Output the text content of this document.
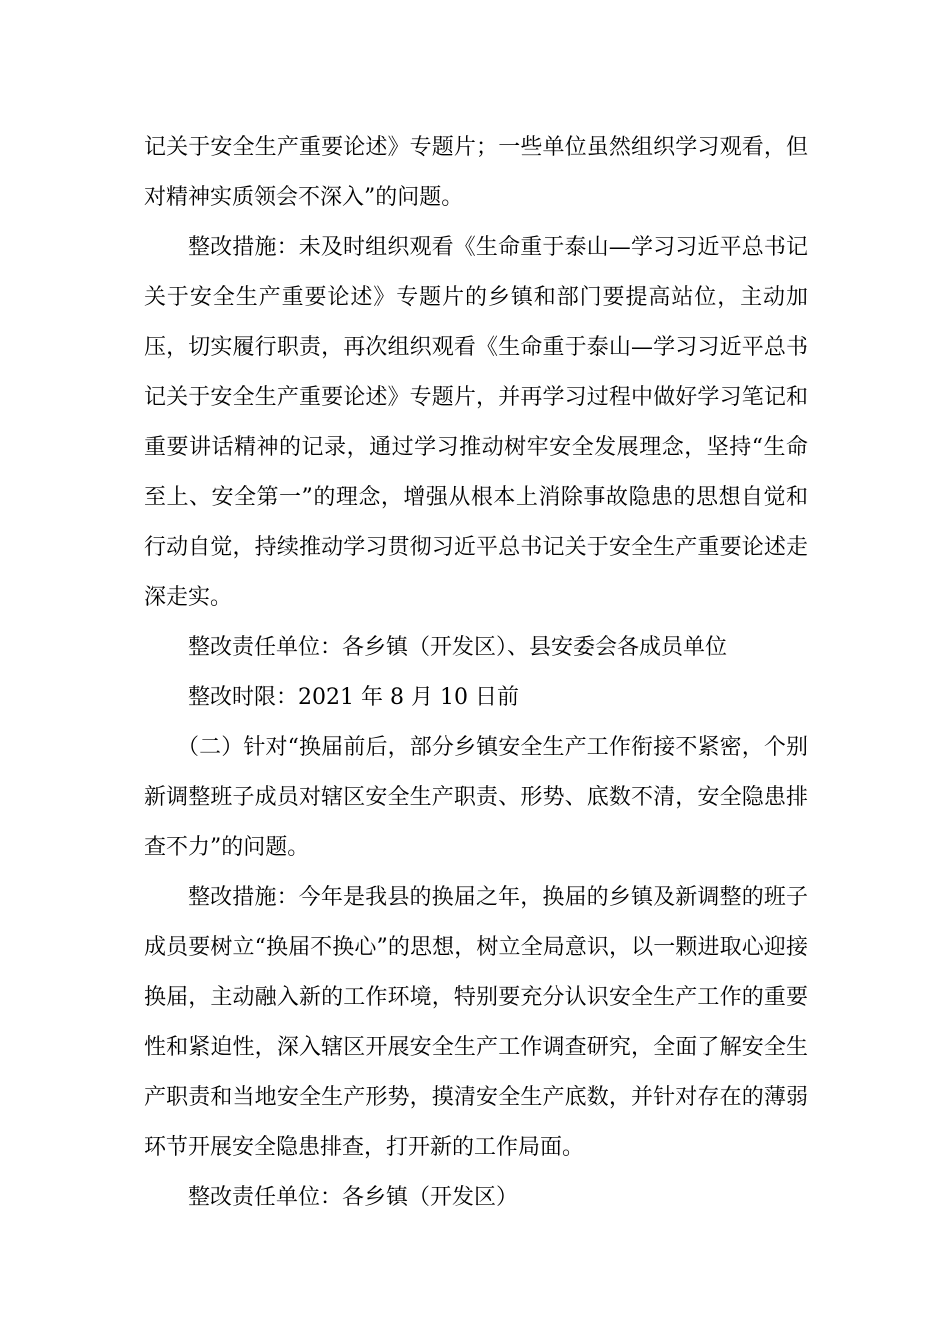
记关于安全生产重要论述》专题片；一些单位虽然组织学习观看，但对精神实质领会不深入”的问题。

整改措施：未及时组织观看《生命重于泰山—学习习近平总书记关于安全生产重要论述》专题片的乡镇和部门要提高站位，主动加压，切实履行职责，再次组织观看《生命重于泰山—学习习近平总书记关于安全生产重要论述》专题片，并再学习过程中做好学习笔记和重要讲话精神的记录，通过学习推动树牢安全发展理念，坚持“生命至上、安全第一”的理念，增强从根本上消除事故隐患的思想自觉和行动自觉，持续推动学习贯彻习近平总书记关于安全生产重要论述走深走实。

整改责任单位：各乡镇（开发区）、县安委会各成员单位

整改时限：2021 年 8 月 10 日前

（二）针对“换届前后，部分乡镇安全生产工作衔接不紧密，个别新调整班子成员对辖区安全生产职责、形势、底数不清，安全隐患排查不力”的问题。

整改措施：今年是我县的换届之年，换届的乡镇及新调整的班子成员要树立“换届不换心”的思想，树立全局意识，以一颗进取心迎接换届，主动融入新的工作环境，特别要充分认识安全生产工作的重要性和紧迫性，深入辖区开展安全生产工作调查研究，全面了解安全生产职责和当地安全生产形势，摸清安全生产底数，并针对存在的薄弱环节开展安全隐患排查，打开新的工作局面。

整改责任单位：各乡镇（开发区）
